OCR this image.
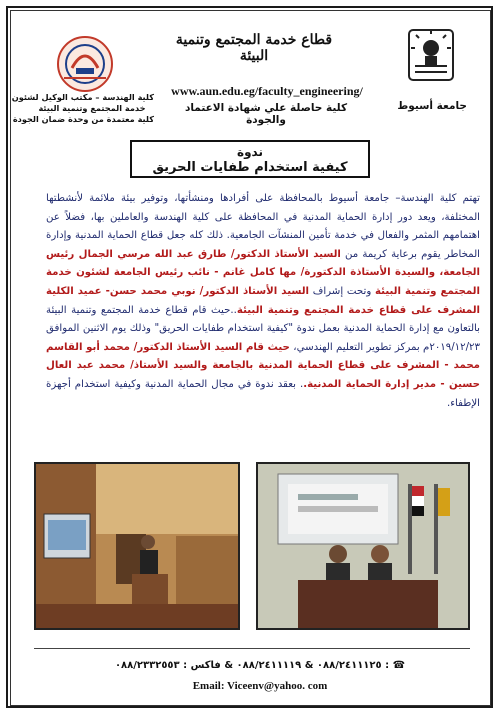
قطاع خدمة المجتمع وتنمية البيئة
www.aun.edu.eg/faculty_engineering/
كلية حاصلة علي شهادة الاعتماد والجودة
كلية الهندسة – مكتب الوكيل لشئون
خدمة المجتمع وتنمية البيئة
كلية معتمدة من وحدة ضمان الجودة
جامعة أسيوط
ندوة
كيفية استخدام طفايات الحريق
تهتم كلية الهندسة– جامعة أسيوط بالمحافظة على أفرادها ومنشأتها، وتوفير بيئة ملائمة لأنشطتها المختلفة، ويعد دور إدارة الحماية المدنية في المحافظة على كلية الهندسة والعاملين بها، فضلاً عن اهتمامهم المثمر والفعال في خدمة تأمين المنشآت الجامعية. ذلك كله جعل قطاع الحماية المدنية وإدارة المخاطر يقوم برعاية كريمة من السيد الأستاذ الدكتور/ طارق عبد الله مرسي الجمال رئيس الجامعة، والسيدة الأستاذة الدكتورة/ مها كامل غانم - نائب رئيس الجامعة لشئون خدمة المجتمع وتنمية البيئة وتحت إشراف السيد الأستاذ الدكتور/ نوبي محمد حسن- عميد الكلية المشرف على قطاع خدمة المجتمع وتنمية البيئة..حيث قام قطاع خدمة المجتمع وتنمية البيئة بالتعاون مع إدارة الحماية المدنية بعمل ندوة "كيفية استخدام طفايات الحريق" وذلك يوم الاثنين الموافق ٢٠١٩/١٢/٢٣م بمركز تطوير التعليم الهندسي، حيث قام السيد الأستاذ الدكتور/ محمد أبو القاسم محمد - المشرف على قطاع الحماية المدنية بالجامعة والسيد الأستاذ/ محمد عبد العال حسين - مدير إدارة الحماية المدنية.. بعقد ندوة في مجال الحماية المدنية وكيفية استخدام أجهزة الإطفاء.
☎ : ٠٨٨/٢٤١١١٢٥ & ٠٨٨/٢٤١١١١٩ & فاكس : ٠٨٨/٢٣٣٢٥٥٣
Email: Viceenv@yahoo. com
